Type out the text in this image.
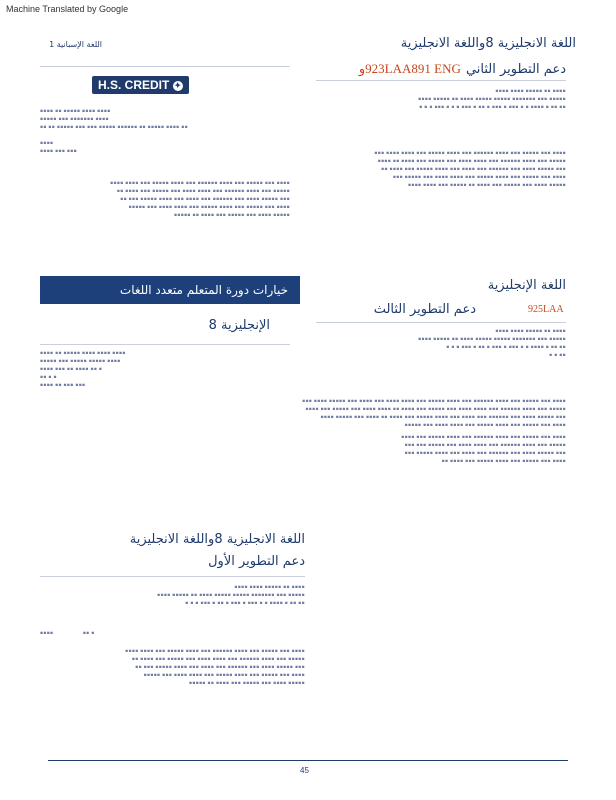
Machine Translated by Google
اللغة الانجليزية 8واللغة الانجليزية
دعم التطوير الثاني 923LAA891 ENGو
▪▪▪▪ ▪▪ ▪▪▪▪▪ ▪▪▪▪ ▪▪▪▪
▪▪▪▪▪ ▪▪▪ ▪▪▪▪▪▪▪ ▪▪▪▪▪ ▪▪▪▪▪ ▪▪▪▪ ▪▪ ▪▪▪▪▪ ▪▪▪▪
▪▪ ▪▪ ▪ ▪▪▪▪ ▪ ▪ ▪▪▪ ▪ ▪▪▪ ▪ ▪▪ ▪ ▪▪▪ ▪ ▪ ▪ ▪▪▪ ▪ ▪ ▪
▪▪▪▪ ▪▪▪ ▪▪▪▪▪ ▪▪▪ ▪▪▪▪ ▪▪▪▪▪▪ ▪▪▪ ▪▪▪▪ ▪▪▪▪▪ ▪▪▪ ▪▪▪▪ ▪▪▪▪ ▪▪▪
▪▪▪▪▪ ▪▪▪ ▪▪▪▪ ▪▪▪▪▪▪ ▪▪▪ ▪▪▪▪ ▪▪▪▪ ▪▪▪ ▪▪▪▪▪ ▪▪▪ ▪▪▪▪ ▪▪ ▪▪▪▪
▪▪▪ ▪▪▪▪▪ ▪▪▪▪ ▪▪▪ ▪▪▪▪▪▪ ▪▪▪ ▪▪▪▪ ▪▪▪ ▪▪▪▪ ▪▪▪▪▪ ▪▪▪ ▪▪▪▪ ▪▪
▪▪▪▪ ▪▪▪ ▪▪▪▪▪ ▪▪▪ ▪▪▪▪ ▪▪▪▪▪ ▪▪▪ ▪▪▪▪ ▪▪▪▪ ▪▪▪ ▪▪▪▪▪ ▪▪▪
▪▪▪▪▪ ▪▪▪▪ ▪▪▪ ▪▪▪▪▪ ▪▪▪ ▪▪▪▪ ▪▪ ▪▪▪▪▪ ▪▪▪ ▪▪▪▪ ▪▪▪▪
اللغة الإسبانية 1
H.S. CREDIT ✦
▪▪▪▪ ▪▪ ▪▪▪▪▪ ▪▪▪▪ ▪▪▪▪
▪▪▪▪▪ ▪▪▪ ▪▪▪▪▪▪▪ ▪▪▪▪
▪▪ ▪▪ ▪▪▪▪▪ ▪▪▪ ▪▪▪ ▪▪▪▪▪ ▪▪▪▪▪▪ ▪▪ ▪▪▪▪▪ ▪▪▪▪ ▪▪

▪▪▪▪
▪▪▪▪ ▪▪▪ ▪▪▪
▪▪▪▪ ▪▪▪ ▪▪▪▪▪ ▪▪▪ ▪▪▪▪ ▪▪▪▪▪▪ ▪▪▪ ▪▪▪▪ ▪▪▪▪▪ ▪▪▪ ▪▪▪▪ ▪▪▪▪
▪▪▪▪▪ ▪▪▪ ▪▪▪▪ ▪▪▪▪▪▪ ▪▪▪ ▪▪▪▪ ▪▪▪▪ ▪▪▪ ▪▪▪▪▪ ▪▪▪ ▪▪▪▪ ▪▪
▪▪▪ ▪▪▪▪▪ ▪▪▪▪ ▪▪▪ ▪▪▪▪▪▪ ▪▪▪ ▪▪▪▪ ▪▪▪ ▪▪▪▪ ▪▪▪▪▪ ▪▪▪ ▪▪
▪▪▪▪ ▪▪▪ ▪▪▪▪▪ ▪▪▪ ▪▪▪▪ ▪▪▪▪▪ ▪▪▪ ▪▪▪▪ ▪▪▪▪ ▪▪▪ ▪▪▪▪▪
▪▪▪▪▪ ▪▪▪▪ ▪▪▪ ▪▪▪▪▪ ▪▪▪ ▪▪▪▪ ▪▪ ▪▪▪▪▪
خيارات دورة المتعلم متعدد اللغات
الإنجليزية 8
▪▪▪▪ ▪▪ ▪▪▪▪▪ ▪▪▪▪ ▪▪▪▪ ▪▪▪▪
▪▪▪▪▪ ▪▪▪ ▪▪▪▪▪ ▪▪▪▪▪ ▪▪▪▪
▪▪▪▪ ▪▪▪ ▪▪ ▪▪▪▪ ▪▪ ▪
▪▪ ▪ ▪
▪▪▪▪ ▪▪ ▪▪▪ ▪▪▪
اللغة الإنجليزية
دعم التطوير الثالث	925LAA
▪▪▪▪ ▪▪ ▪▪▪▪▪ ▪▪▪▪ ▪▪▪▪
▪▪▪▪▪ ▪▪▪ ▪▪▪▪▪▪▪ ▪▪▪▪▪ ▪▪▪▪▪ ▪▪▪▪ ▪▪ ▪▪▪▪▪ ▪▪▪▪
▪▪ ▪▪ ▪ ▪▪▪▪ ▪ ▪ ▪▪▪ ▪ ▪▪▪ ▪ ▪▪ ▪ ▪▪▪ ▪ ▪ ▪
▪▪ ▪ ▪
▪▪▪▪ ▪▪▪ ▪▪▪▪▪ ▪▪▪ ▪▪▪▪ ▪▪▪▪▪▪ ▪▪▪ ▪▪▪▪ ▪▪▪▪▪ ▪▪▪ ▪▪▪▪ ▪▪▪▪ ▪▪▪ ▪▪▪▪ ▪▪▪ ▪▪▪▪▪ ▪▪▪▪ ▪▪▪
▪▪▪▪▪ ▪▪▪ ▪▪▪▪ ▪▪▪▪▪▪ ▪▪▪ ▪▪▪▪ ▪▪▪▪ ▪▪▪ ▪▪▪▪▪ ▪▪▪ ▪▪▪▪ ▪▪ ▪▪▪▪ ▪▪▪▪ ▪▪▪ ▪▪▪▪▪ ▪▪▪ ▪▪▪▪
▪▪▪ ▪▪▪▪▪ ▪▪▪▪ ▪▪▪ ▪▪▪▪▪▪ ▪▪▪ ▪▪▪▪ ▪▪▪ ▪▪▪▪ ▪▪▪▪▪ ▪▪▪ ▪▪▪▪ ▪▪ ▪▪▪▪ ▪▪▪ ▪▪▪▪▪ ▪▪▪▪
▪▪▪▪ ▪▪▪ ▪▪▪▪▪ ▪▪▪ ▪▪▪▪ ▪▪▪▪▪ ▪▪▪ ▪▪▪▪ ▪▪▪▪ ▪▪▪ ▪▪▪▪▪
▪▪▪▪ ▪▪▪ ▪▪▪▪▪ ▪▪▪ ▪▪▪▪ ▪▪▪▪▪▪ ▪▪▪ ▪▪▪▪ ▪▪▪▪▪ ▪▪▪ ▪▪▪▪
▪▪▪▪▪ ▪▪▪ ▪▪▪▪ ▪▪▪▪▪▪ ▪▪▪ ▪▪▪▪ ▪▪▪▪ ▪▪▪ ▪▪▪▪▪ ▪▪▪ ▪▪▪
▪▪▪ ▪▪▪▪▪ ▪▪▪▪ ▪▪▪ ▪▪▪▪▪▪ ▪▪▪ ▪▪▪▪ ▪▪▪ ▪▪▪▪ ▪▪▪▪▪ ▪▪▪
▪▪▪▪ ▪▪▪ ▪▪▪▪▪ ▪▪▪ ▪▪▪▪ ▪▪▪▪▪ ▪▪▪ ▪▪▪▪ ▪▪
اللغة الانجليزية 8واللغة الانجليزية
دعم التطوير الأول
▪▪▪▪ ▪▪ ▪▪▪▪▪ ▪▪▪▪ ▪▪▪▪
▪▪▪▪▪ ▪▪▪ ▪▪▪▪▪▪▪ ▪▪▪▪▪ ▪▪▪▪▪ ▪▪▪▪ ▪▪ ▪▪▪▪▪ ▪▪▪▪
▪▪ ▪▪ ▪ ▪▪▪▪ ▪ ▪ ▪▪▪ ▪ ▪▪▪ ▪ ▪▪ ▪ ▪▪▪ ▪ ▪ ▪
▪▪▪▪                 ▪▪ ▪
▪▪▪▪ ▪▪▪ ▪▪▪▪▪ ▪▪▪ ▪▪▪▪ ▪▪▪▪▪▪ ▪▪▪ ▪▪▪▪ ▪▪▪▪▪ ▪▪▪ ▪▪▪▪ ▪▪▪▪
▪▪▪▪▪ ▪▪▪ ▪▪▪▪ ▪▪▪▪▪▪ ▪▪▪ ▪▪▪▪ ▪▪▪▪ ▪▪▪ ▪▪▪▪▪ ▪▪▪ ▪▪▪▪ ▪▪
▪▪▪ ▪▪▪▪▪ ▪▪▪▪ ▪▪▪ ▪▪▪▪▪▪ ▪▪▪ ▪▪▪▪ ▪▪▪ ▪▪▪▪ ▪▪▪▪▪ ▪▪▪ ▪▪
▪▪▪▪ ▪▪▪ ▪▪▪▪▪ ▪▪▪ ▪▪▪▪ ▪▪▪▪▪ ▪▪▪ ▪▪▪▪ ▪▪▪▪ ▪▪▪ ▪▪▪▪▪
▪▪▪▪▪ ▪▪▪▪ ▪▪▪ ▪▪▪▪▪ ▪▪▪ ▪▪▪▪ ▪▪ ▪▪▪▪▪
45
